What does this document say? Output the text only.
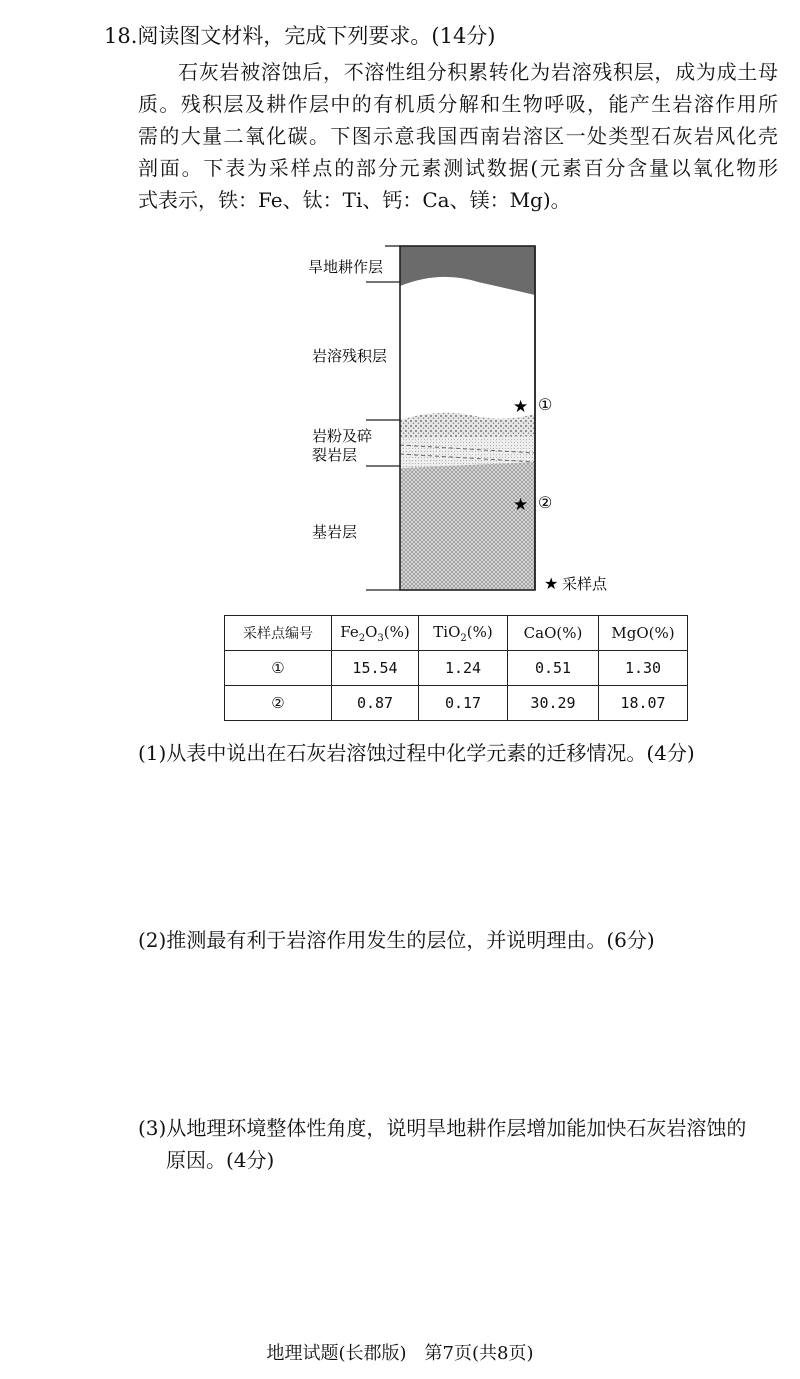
18.阅读图文材料，完成下列要求。(14分)

石灰岩被溶蚀后，不溶性组分积累转化为岩溶残积层，成为成土母

质。残积层及耕作层中的有机质分解和生物呼吸，能产生岩溶作用所

需的大量二氧化碳。下图示意我国西南岩溶区一处类型石灰岩风化壳

剖面。下表为采样点的部分元素测试数据(元素百分含量以氧化物形

式表示，铁：Fe、钛：Ti、钙：Ca、镁：Mg)。

旱地耕作层
岩溶残积层
岩粉及碎
裂岩层
基岩层
★ ①
★ ②
★ 采样点
采样点编号	$Fe_2O_3(\%)$	TiO$_2$(%)	CaO(%)	MgO(%)
①	15.54	1.24	0.51	1.30
②	0.87	0.17	30.29	18.07
(1)从表中说出在石灰岩溶蚀过程中化学元素的迁移情况。(4分)
(2)推测最有利于岩溶作用发生的层位，并说明理由。(6分)
(3)从地理环境整体性角度，说明旱地耕作层增加能加快石灰岩溶蚀的
原因。(4分)
地理试题(长郡版)　第7页(共8页)
